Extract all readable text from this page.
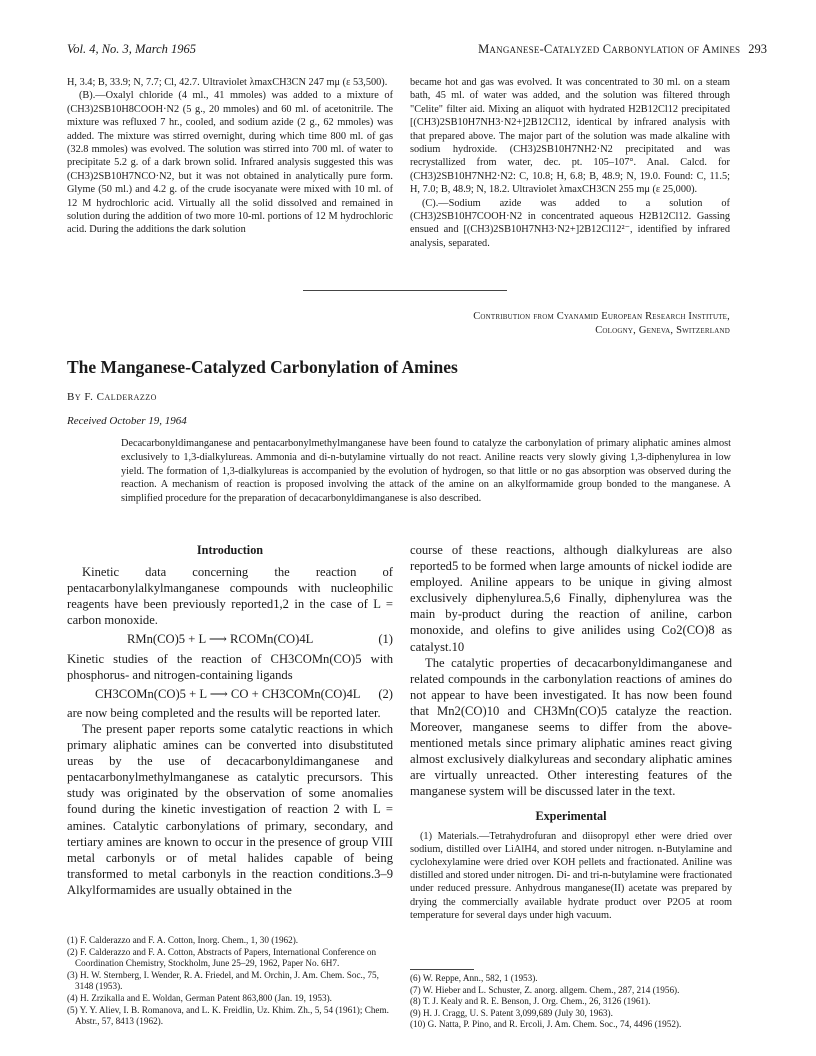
Vol. 4, No. 3, March 1965	Manganese-Catalyzed Carbonylation of Amines 293

H, 3.4; B, 33.9; N, 7.7; Cl, 42.7. Ultraviolet λmaxCH3CN 247 mμ (ε 53,500).

(B).—Oxalyl chloride (4 ml., 41 mmoles) was added to a mixture of (CH3)2SB10H8COOH·N2 (5 g., 20 mmoles) and 60 ml. of acetonitrile. The mixture was refluxed 7 hr., cooled, and sodium azide (2 g., 62 mmoles) was added. The mixture was stirred overnight, during which time 800 ml. of gas (32.8 mmoles) was evolved. The solution was stirred into 700 ml. of water to precipitate 5.2 g. of a dark brown solid. Infrared analysis suggested this was (CH3)2SB10H7NCO·N2, but it was not obtained in analytically pure form. Glyme (50 ml.) and 4.2 g. of the crude isocyanate were mixed with 10 ml. of 12 M hydrochloric acid. Virtually all the solid dissolved and remained in solution during the addition of two more 10-ml. portions of 12 M hydrochloric acid. During the additions the dark solution

became hot and gas was evolved. It was concentrated to 30 ml. on a steam bath, 45 ml. of water was added, and the solution was filtered through "Celite" filter aid. Mixing an aliquot with hydrated H2B12Cl12 precipitated [(CH3)2SB10H7NH3·N2+]2B12Cl12, identical by infrared analysis with that prepared above. The major part of the solution was made alkaline with sodium hydroxide. (CH3)2SB10H7NH2·N2 precipitated and was recrystallized from water, dec. pt. 105–107°. Anal. Calcd. for (CH3)2SB10H7NH2·N2: C, 10.8; H, 6.8; B, 48.9; N, 19.0. Found: C, 11.5; H, 7.0; B, 48.9; N, 18.2. Ultraviolet λmaxCH3CN 255 mμ (ε 25,000).

(C).—Sodium azide was added to a solution of (CH3)2SB10H7COOH·N2 in concentrated aqueous H2B12Cl12. Gassing ensued and [(CH3)2SB10H7NH3·N2+]2B12Cl12²⁻, identified by infrared analysis, separated.

Contribution from Cyanamid European Research Institute,
Cologny, Geneva, Switzerland
The Manganese-Catalyzed Carbonylation of Amines
By F. Calderazzo
Received October 19, 1964

Decacarbonyldimanganese and pentacarbonylmethylmanganese have been found to catalyze the carbonylation of primary aliphatic amines almost exclusively to 1,3-dialkylureas. Ammonia and di-n-butylamine virtually do not react. Aniline reacts very slowly giving 1,3-diphenylurea in low yield. The formation of 1,3-dialkylureas is accompanied by the evolution of hydrogen, so that little or no gas absorption was observed during the reaction. A mechanism of reaction is proposed involving the attack of the amine on an alkylformamide group bonded to the manganese. A simplified procedure for the preparation of decacarbonyldimanganese is also described.

Introduction

Kinetic data concerning the reaction of pentacarbonylalkylmanganese compounds with nucleophilic reagents have been previously reported1,2 in the case of L = carbon monoxide.

RMn(CO)5 + L ⟶ RCOMn(CO)4L	(1)

Kinetic studies of the reaction of CH3COMn(CO)5 with phosphorus- and nitrogen-containing ligands

CH3COMn(CO)5 + L ⟶ CO + CH3COMn(CO)4L (2)

are now being completed and the results will be reported later.

The present paper reports some catalytic reactions in which primary aliphatic amines can be converted into disubstituted ureas by the use of decacarbonyldimanganese and pentacarbonylmethylmanganese as catalytic precursors. This study was originated by the observation of some anomalies found during the kinetic investigation of reaction 2 with L = amines. Catalytic carbonylations of primary, secondary, and tertiary amines are known to occur in the presence of group VIII metal carbonyls or of metal halides capable of being transformed to metal carbonyls in the reaction conditions.3–9 Alkylformamides are usually obtained in the

course of these reactions, although dialkylureas are also reported5 to be formed when large amounts of nickel iodide are employed. Aniline appears to be unique in giving almost exclusively diphenylurea.5,6 Finally, diphenylurea was the main by-product during the reaction of aniline, carbon monoxide, and olefins to give anilides using Co2(CO)8 as catalyst.10

The catalytic properties of decacarbonyldimanganese and related compounds in the carbonylation reactions of amines do not appear to have been investigated. It has now been found that Mn2(CO)10 and CH3Mn(CO)5 catalyze the reaction. Moreover, manganese seems to differ from the above-mentioned metals since primary aliphatic amines react giving almost exclusively dialkylureas and secondary aliphatic amines are virtually unreacted. Other interesting features of the manganese system will be discussed later in the text.

Experimental

(1) Materials.—Tetrahydrofuran and diisopropyl ether were dried over sodium, distilled over LiAlH4, and stored under nitrogen. n-Butylamine and cyclohexylamine were dried over KOH pellets and fractionated. Aniline was distilled and stored under nitrogen. Di- and tri-n-butylamine were fractionated under reduced pressure. Anhydrous manganese(II) acetate was prepared by drying the commercially available hydrate product over P2O5 at room temperature for several days under high vacuum.

(1) F. Calderazzo and F. A. Cotton, Inorg. Chem., 1, 30 (1962).

(2) F. Calderazzo and F. A. Cotton, Abstracts of Papers, International Conference on Coordination Chemistry, Stockholm, June 25–29, 1962, Paper No. 6H7.

(3) H. W. Sternberg, I. Wender, R. A. Friedel, and M. Orchin, J. Am. Chem. Soc., 75, 3148 (1953).

(4) H. Zrzikalla and E. Woldan, German Patent 863,800 (Jan. 19, 1953).

(5) Y. Y. Aliev, I. B. Romanova, and L. K. Freidlin, Uz. Khim. Zh., 5, 54 (1961); Chem. Abstr., 57, 8413 (1962).

(6) W. Reppe, Ann., 582, 1 (1953).

(7) W. Hieber and L. Schuster, Z. anorg. allgem. Chem., 287, 214 (1956).

(8) T. J. Kealy and R. E. Benson, J. Org. Chem., 26, 3126 (1961).

(9) H. J. Cragg, U. S. Patent 3,099,689 (July 30, 1963).

(10) G. Natta, P. Pino, and R. Ercoli, J. Am. Chem. Soc., 74, 4496 (1952).
